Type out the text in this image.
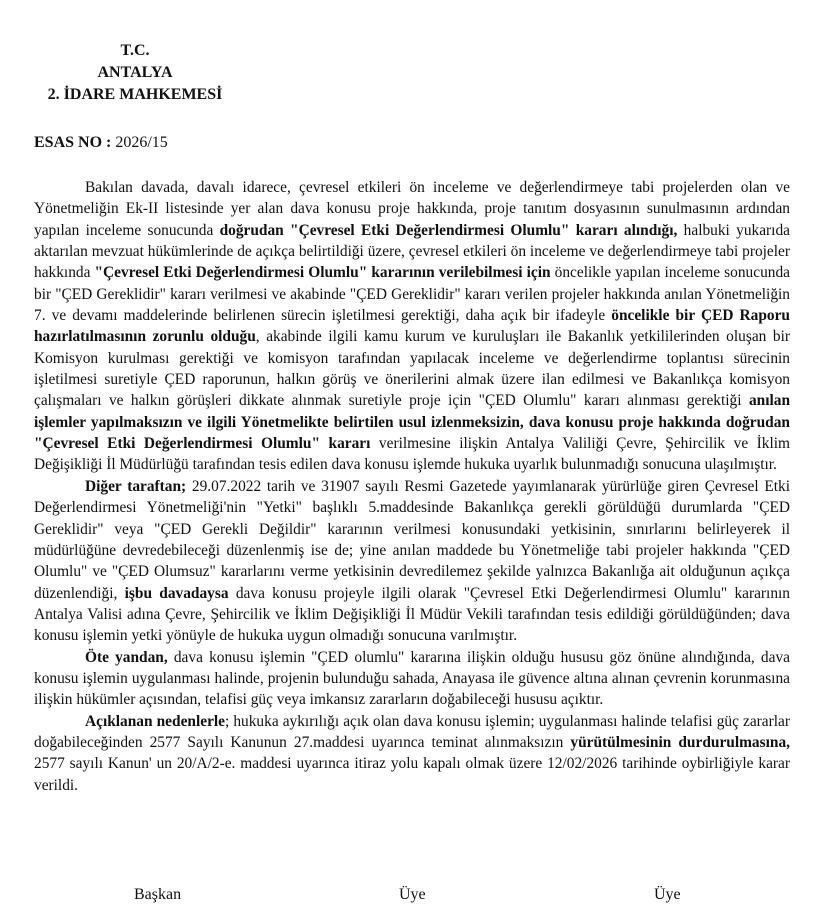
T.C.
ANTALYA
2. İDARE MAHKEMESİ
ESAS NO : 2026/15

Bakılan davada, davalı idarece, çevresel etkileri ön inceleme ve değerlendirmeye tabi projelerden olan ve Yönetmeliğin Ek-II listesinde yer alan dava konusu proje hakkında, proje tanıtım dosyasının sunulmasının ardından yapılan inceleme sonucunda doğrudan "Çevresel Etki Değerlendirmesi Olumlu" kararı alındığı, halbuki yukarıda aktarılan mevzuat hükümlerinde de açıkça belirtildiği üzere, çevresel etkileri ön inceleme ve değerlendirmeye tabi projeler hakkında "Çevresel Etki Değerlendirmesi Olumlu" kararının verilebilmesi için öncelikle yapılan inceleme sonucunda bir "ÇED Gereklidir" kararı verilmesi ve akabinde "ÇED Gereklidir" kararı verilen projeler hakkında anılan Yönetmeliğin 7. ve devamı maddelerinde belirlenen sürecin işletilmesi gerektiği, daha açık bir ifadeyle öncelikle bir ÇED Raporu hazırlatılmasının zorunlu olduğu, akabinde ilgili kamu kurum ve kuruluşları ile Bakanlık yetkililerinden oluşan bir Komisyon kurulması gerektiği ve komisyon tarafından yapılacak inceleme ve değerlendirme toplantısı sürecinin işletilmesi suretiyle ÇED raporunun, halkın görüş ve önerilerini almak üzere ilan edilmesi ve Bakanlıkça komisyon çalışmaları ve halkın görüşleri dikkate alınmak suretiyle proje için "ÇED Olumlu" kararı alınması gerektiği anılan işlemler yapılmaksızın ve ilgili Yönetmelikte belirtilen usul izlenmeksizin, dava konusu proje hakkında doğrudan "Çevresel Etki Değerlendirmesi Olumlu" kararı verilmesine ilişkin Antalya Valiliği Çevre, Şehircilik ve İklim Değişikliği İl Müdürlüğü tarafından tesis edilen dava konusu işlemde hukuka uyarlık bulunmadığı sonucuna ulaşılmıştır.

Diğer taraftan; 29.07.2022 tarih ve 31907 sayılı Resmi Gazetede yayımlanarak yürürlüğe giren Çevresel Etki Değerlendirmesi Yönetmeliği'nin "Yetki" başlıklı 5.maddesinde Bakanlıkça gerekli görüldüğü durumlarda "ÇED Gereklidir" veya "ÇED Gerekli Değildir" kararının verilmesi konusundaki yetkisinin, sınırlarını belirleyerek il müdürlüğüne devredebileceği düzenlenmiş ise de; yine anılan maddede bu Yönetmeliğe tabi projeler hakkında "ÇED Olumlu" ve "ÇED Olumsuz" kararlarını verme yetkisinin devredilemez şekilde yalnızca Bakanlığa ait olduğunun açıkça düzenlendiği, işbu davadaysa dava konusu projeyle ilgili olarak "Çevresel Etki Değerlendirmesi Olumlu" kararının Antalya Valisi adına Çevre, Şehircilik ve İklim Değişikliği İl Müdür Vekili tarafından tesis edildiği görüldüğünden; dava konusu işlemin yetki yönüyle de hukuka uygun olmadığı sonucuna varılmıştır.

Öte yandan, dava konusu işlemin "ÇED olumlu" kararına ilişkin olduğu hususu göz önüne alındığında, dava konusu işlemin uygulanması halinde, projenin bulunduğu sahada, Anayasa ile güvence altına alınan çevrenin korunmasına ilişkin hükümler açısından, telafisi güç veya imkansız zararların doğabileceği hususu açıktır.

Açıklanan nedenlerle; hukuka aykırılığı açık olan dava konusu işlemin; uygulanması halinde telafisi güç zararlar doğabileceğinden 2577 Sayılı Kanunun 27.maddesi uyarınca teminat alınmaksızın yürütülmesinin durdurulmasına, 2577 sayılı Kanun' un 20/A/2-e. maddesi uyarınca itiraz yolu kapalı olmak üzere 12/02/2026 tarihinde oybirliğiyle karar verildi.

Başkan	Üye	Üye
